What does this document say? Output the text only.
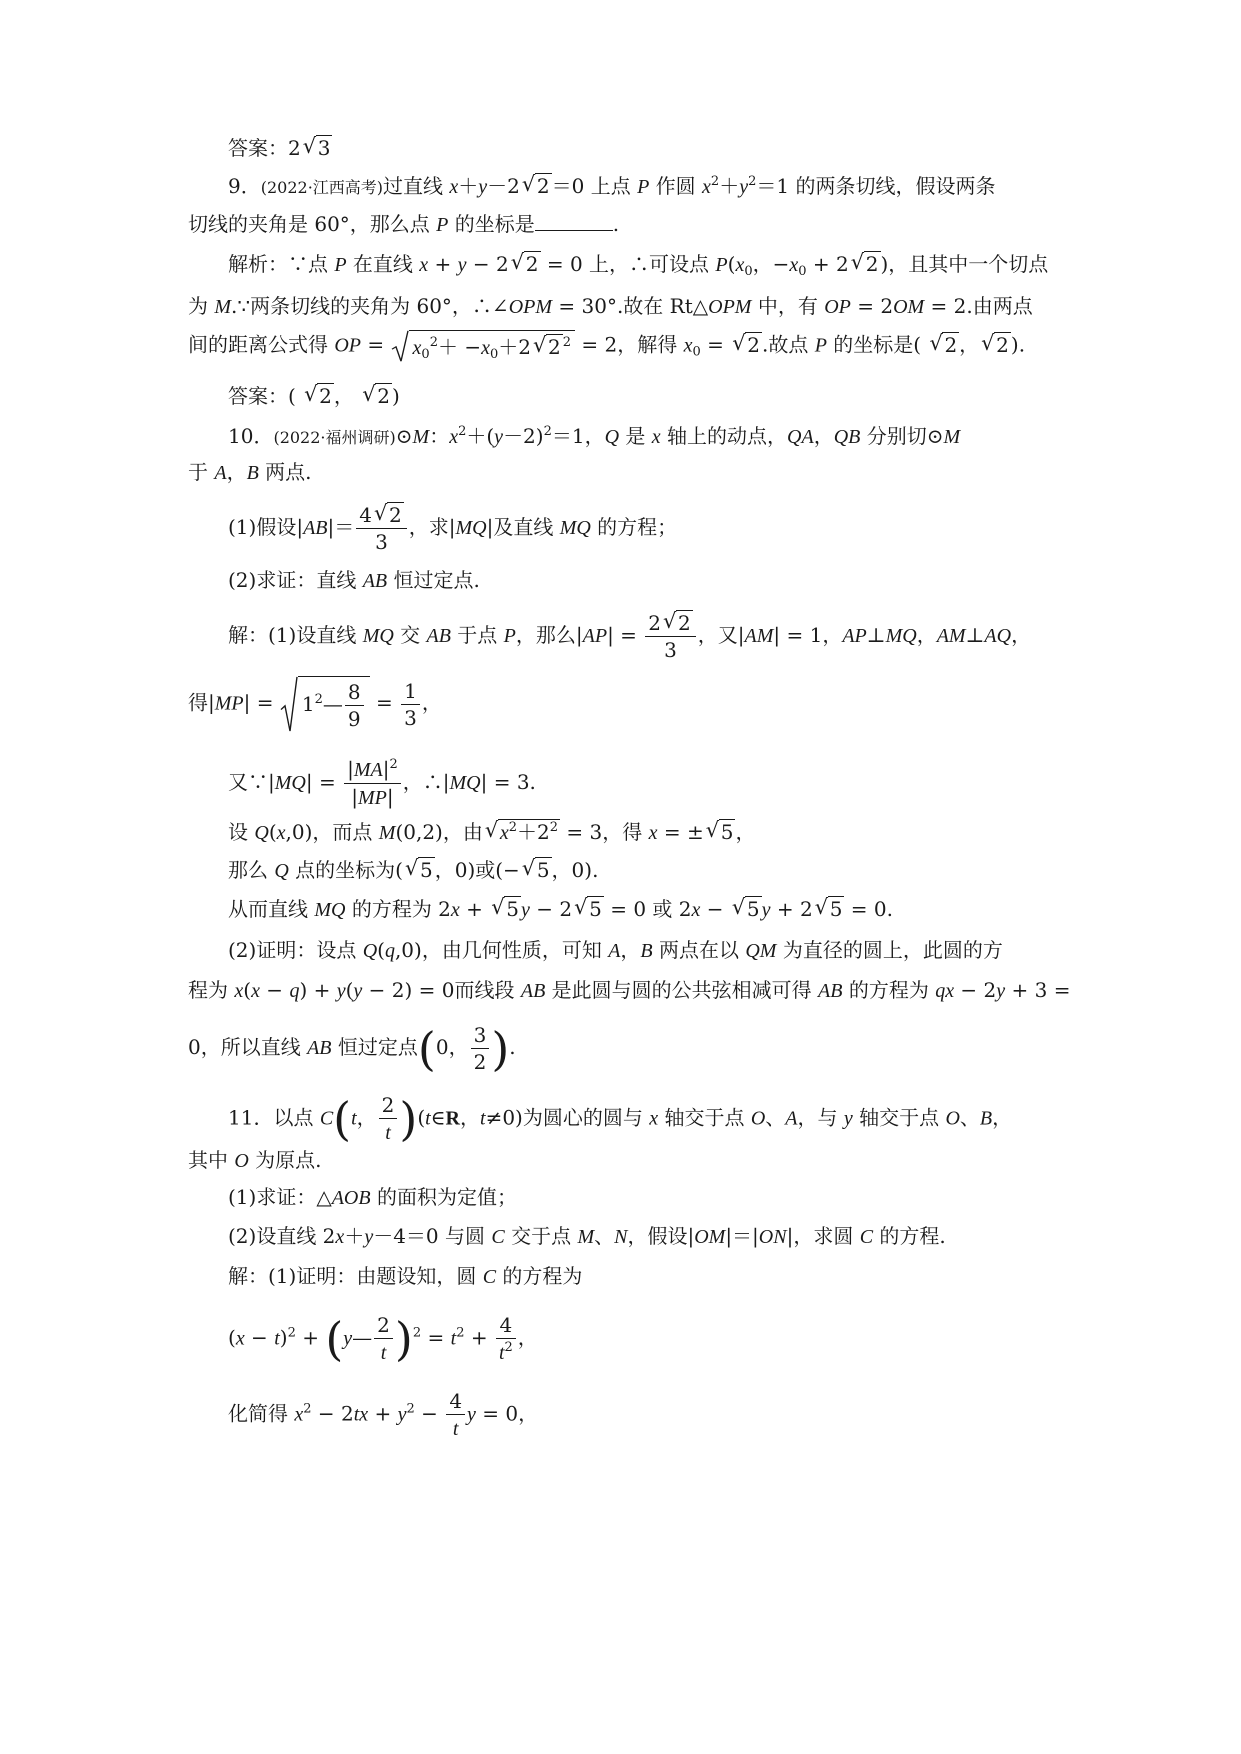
答案：2√ 3
9．(2022·江西高考)过直线 x＋y－2√ 2 ＝0 上点 P 作圆 $x^2+y^2=1$ 的两条切线，假设两条
切线的夹角是 60°，那么点 P 的坐标是	.
解析：∵点 P 在直线 x + y − 2√ 2 = 0 上，∴可设点 $P(x_0$，$-x_0 + 2√$ 2 )，且其中一个切点
为 M.∵两条切线的夹角为 60°，∴∠OPM = 30°.故在 Rt△OPM 中，有 OP = 2OM = 2.由两点
间的距离公式得 OP =
$x_0^2+ -x_0+2√$ 2 $^2$ = 2，解得 $x_0$ = √ 2 .故点 P 的坐标是( √ 2 ，√ 2 ).
答案：( √ 2 ， √ 2 )
10．(2022·福州调研)⊙M：$x^2+(y-2)^2=1$，Q 是 x 轴上的动点，QA，QB 分别切⊙M
于 A，B 两点.
(1)假设$|AB|= \frac{4√ 2}{3}$ ，求|MQ|及直线 MQ 的方程；
(2)求证：直线 AB 恒过定点.
解：(1)设直线 MQ 交 AB 于点 P，那么$|AP| = \frac{2√ 2}{3}$ ，又|AM| = 1，AP⊥MQ，AM⊥AQ，
得|MP| =
$1^2— \frac{8}{9} = \frac{1}{3}$ ，
又∵|MQ| = $\frac{|MA|^2}{|MP|}$ ，∴|MQ| = 3.
设 Q(x,0)，而点 M(0,2)，由√ $x^2+2^2 = 3$，得 x = ±√ 5 ，
那么 Q 点的坐标为(√ 5 ，0)或(−√ 5 ，0).
从而直线 MQ 的方程为 2x + √ 5 y − 2√ 5 = 0 或 2x − √ 5 y + 2√ 5 = 0.
(2)证明：设点 Q(q,0)，由几何性质，可知 A，B 两点在以 QM 为直径的圆上，此圆的方
程为 x(x − q) + y(y − 2) = 0而线段 AB 是此圆与圆的公共弦相减可得 AB 的方程为 qx − 2y + 3 =
0，所以直线 AB 恒过定点(0， $\frac{3}{2}$ ).
11．以点 C(t， $\frac{2}{t}$ )(t∈R，t≠0)为圆心的圆与 x 轴交于点 O、A，与 y 轴交于点 O、B，
其中 O 为原点.
(1)求证：△AOB 的面积为定值；
(2)设直线 2x＋y－4＝0 与圆 C 交于点 M、N，假设|OM|＝|ON|，求圆 C 的方程.
解：(1)证明：由题设知，圆 C 的方程为
$(x - t)^2$ + (y— $\frac{2}{t} )^2 = t^2 + \frac{4}{t^2}$ ，
化简得 $x^2 - 2tx + y^2 - \frac{4}{t}$ y = 0，
